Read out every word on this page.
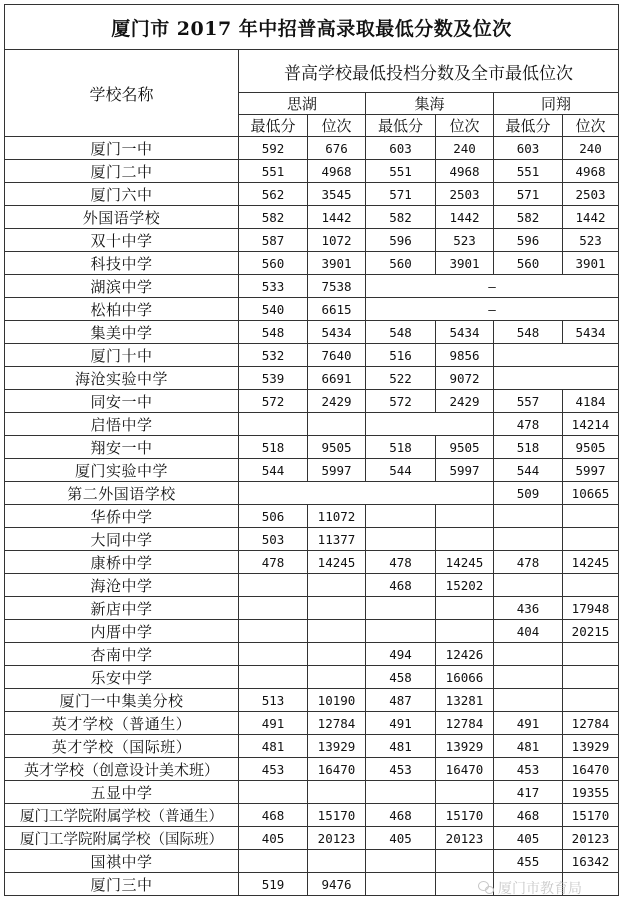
厦门市 2017 年中招普高录取最低分数及位次						
学校名称	普高学校最低投档分数及全市最低位次					
	思湖		集海		同翔	
	最低分	位次	最低分	位次	最低分	位次
厦门一中	592	676	603	240	603	240
厦门二中	551	4968	551	4968	551	4968
厦门六中	562	3545	571	2503	571	2503
外国语学校	582	1442	582	1442	582	1442
双十中学	587	1072	596	523	596	523
科技中学	560	3901	560	3901	560	3901
湖滨中学	533	7538	–			
松柏中学	540	6615	–			
集美中学	548	5434	548	5434	548	5434
厦门十中	532	7640	516	9856		
海沧实验中学	539	6691	522	9072		
同安一中	572	2429	572	2429	557	4184
启悟中学					478	14214
翔安一中	518	9505	518	9505	518	9505
厦门实验中学	544	5997	544	5997	544	5997
第二外国语学校					509	10665
华侨中学	506	11072				
大同中学	503	11377				
康桥中学	478	14245	478	14245	478	14245
海沧中学			468	15202		
新店中学					436	17948
内厝中学					404	20215
杏南中学			494	12426		
乐安中学			458	16066		
厦门一中集美分校	513	10190	487	13281		
英才学校（普通生）	491	12784	491	12784	491	12784
英才学校（国际班）	481	13929	481	13929	481	13929
英才学校（创意设计美术班）	453	16470	453	16470	453	16470
五显中学					417	19355
厦门工学院附属学校（普通生）	468	15170	468	15170	468	15170
厦门工学院附属学校（国际班）	405	20123	405	20123	405	20123
国祺中学					455	16342
厦门三中	519	9476					厦门市教育局
